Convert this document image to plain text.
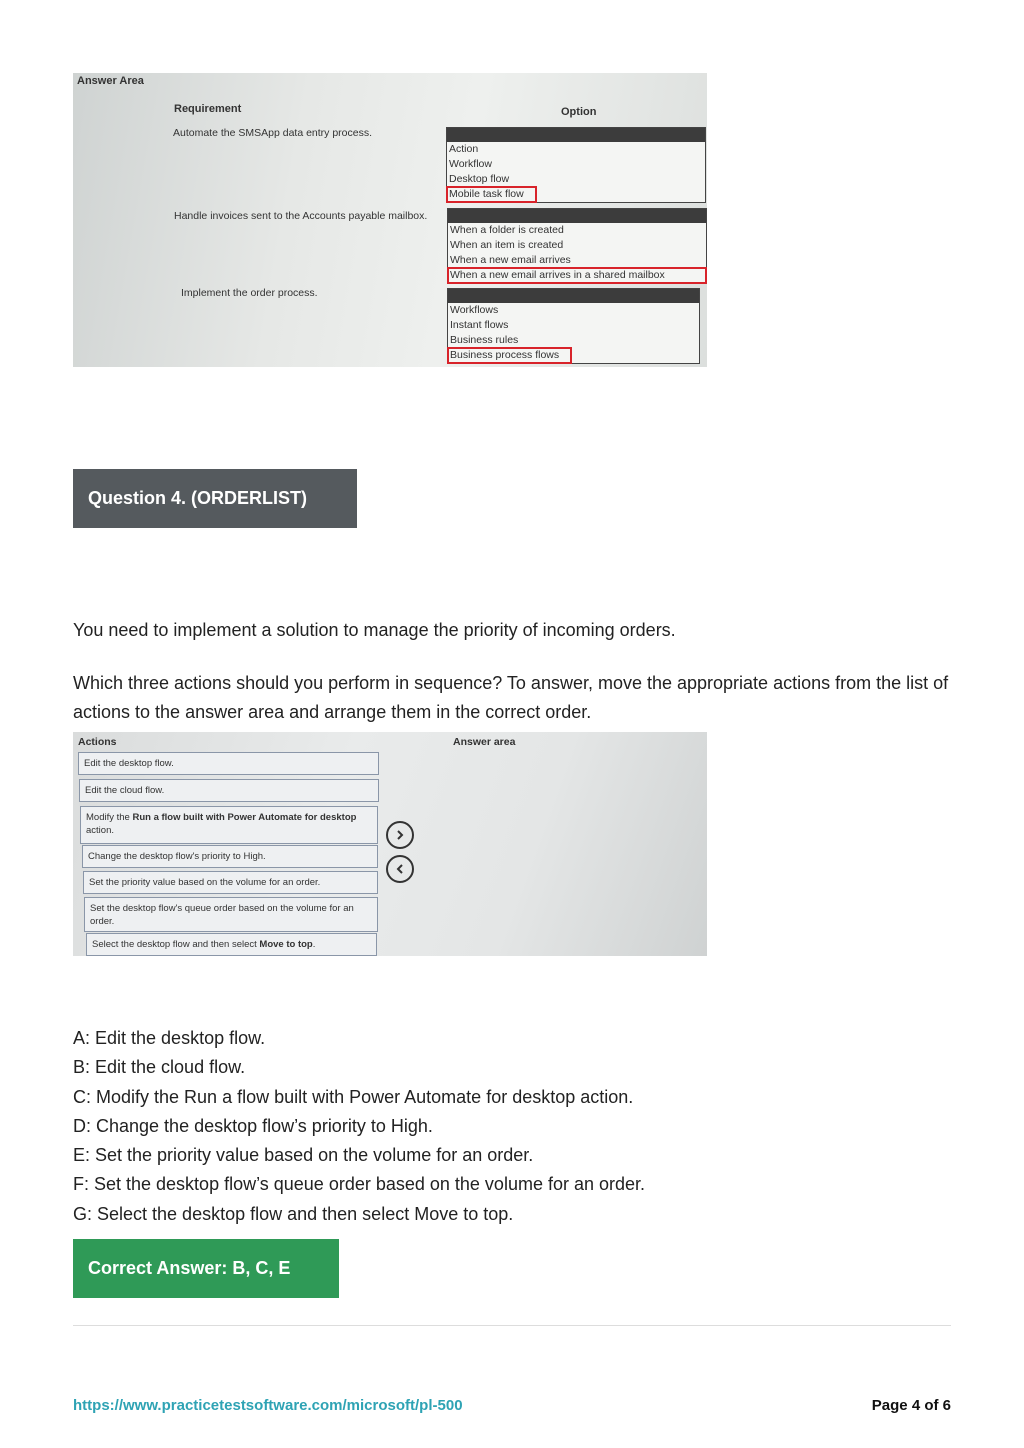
Answer Area
Requirement	Option
Automate the SMSApp data entry process.
Action
Workflow
Desktop flow
Mobile task flow
Handle invoices sent to the Accounts payable mailbox.
When a folder is created
When an item is created
When a new email arrives
When a new email arrives in a shared mailbox
Implement the order process.
Workflows
Instant flows
Business rules
Business process flows
Question 4. (ORDERLIST)
You need to implement a solution to manage the priority of incoming orders.
Which three actions should you perform in sequence? To answer, move the appropriate actions from the list of actions to the answer area and arrange them in the correct order.
Actions	Answer area
Edit the desktop flow.
Edit the cloud flow.
Modify the Run a flow built with Power Automate for desktop action.
Change the desktop flow's priority to High.
Set the priority value based on the volume for an order.
Set the desktop flow's queue order based on the volume for an order.
Select the desktop flow and then select Move to top.
A: Edit the desktop flow.
B: Edit the cloud flow.
C: Modify the Run a flow built with Power Automate for desktop action.
D: Change the desktop flow’s priority to High.
E: Set the priority value based on the volume for an order.
F: Set the desktop flow’s queue order based on the volume for an order.
G: Select the desktop flow and then select Move to top.
Correct Answer: B, C, E
https://www.practicetestsoftware.com/microsoft/pl-500	Page 4 of 6
